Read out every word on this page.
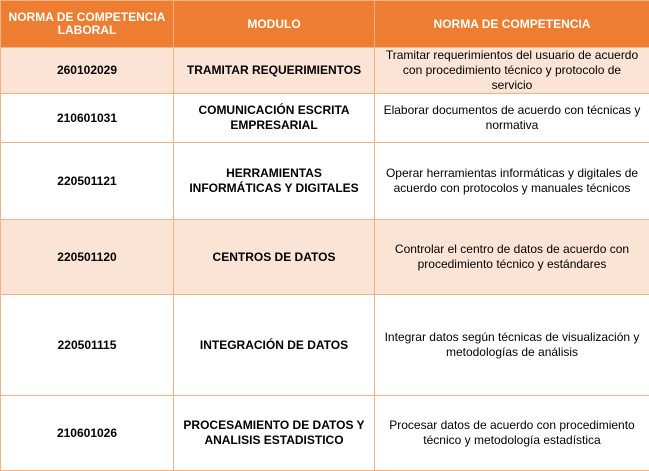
NORMA DE COMPETENCIA LABORAL	MODULO	NORMA DE COMPETENCIA
260102029	TRAMITAR REQUERIMIENTOS	Tramitar requerimientos del usuario de acuerdo con procedimiento técnico y protocolo de servicio
210601031	COMUNICACIÓN ESCRITA EMPRESARIAL	Elaborar documentos de acuerdo con técnicas y normativa
220501121	HERRAMIENTAS INFORMÁTICAS Y DIGITALES	Operar herramientas informáticas y digitales de acuerdo con protocolos y manuales técnicos
220501120	CENTROS DE DATOS	Controlar el centro de datos de acuerdo con procedimiento técnico y estándares
220501115	INTEGRACIÓN DE DATOS	Integrar datos según técnicas de visualización y metodologías de análisis
210601026	PROCESAMIENTO DE DATOS Y ANALISIS ESTADISTICO	Procesar datos de acuerdo con procedimiento técnico y metodología estadística
